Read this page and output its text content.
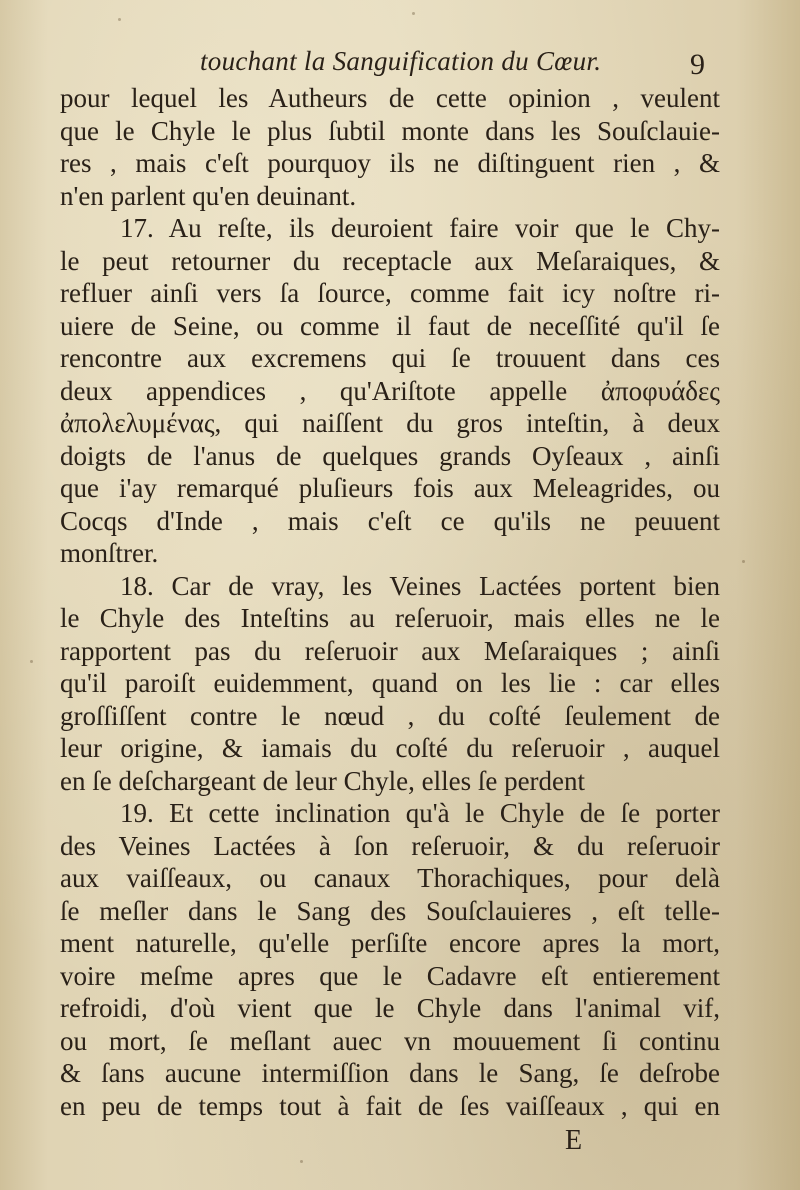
touchant la Sanguification du Cœur.	9
pour lequel les Autheurs de cette opinion , veulent
que le Chyle le plus ſubtil monte dans les Souſclauie-
res , mais c'eſt pourquoy ils ne diſtinguent rien , &
n'en parlent qu'en deuinant.
17. Au reſte, ils deuroient faire voir que le Chy-
le peut retourner du receptacle aux Meſaraiques, &
refluer ainſi vers ſa ſource, comme fait icy noſtre ri-
uiere de Seine, ou comme il faut de neceſſité qu'il ſe
rencontre aux excremens qui ſe trouuent dans ces
deux appendices , qu'Ariſtote appelle ἀποφυάδες
ἀπολελυμένας, qui naiſſent du gros inteſtin, à deux
doigts de l'anus de quelques grands Oyſeaux , ainſi
que i'ay remarqué pluſieurs fois aux Meleagrides, ou
Cocqs d'Inde , mais c'eſt ce qu'ils ne peuuent
monſtrer.
18. Car de vray, les Veines Lactées portent bien
le Chyle des Inteſtins au reſeruoir, mais elles ne le
rapportent pas du reſeruoir aux Meſaraiques ; ainſi
qu'il paroiſt euidemment, quand on les lie : car elles
groſſiſſent contre le nœud , du coſté ſeulement de
leur origine, & iamais du coſté du reſeruoir , auquel
en ſe deſchargeant de leur Chyle, elles ſe perdent
19. Et cette inclination qu'à le Chyle de ſe porter
des Veines Lactées à ſon reſeruoir, & du reſeruoir
aux vaiſſeaux, ou canaux Thorachiques, pour delà
ſe meſler dans le Sang des Souſclauieres , eſt telle-
ment naturelle, qu'elle perſiſte encore apres la mort,
voire meſme apres que le Cadavre eſt entierement
refroidi, d'où vient que le Chyle dans l'animal vif,
ou mort, ſe meſlant auec vn mouuement ſi continu
& ſans aucune intermiſſion dans le Sang, ſe deſrobe
en peu de temps tout à fait de ſes vaiſſeaux , qui en
E
